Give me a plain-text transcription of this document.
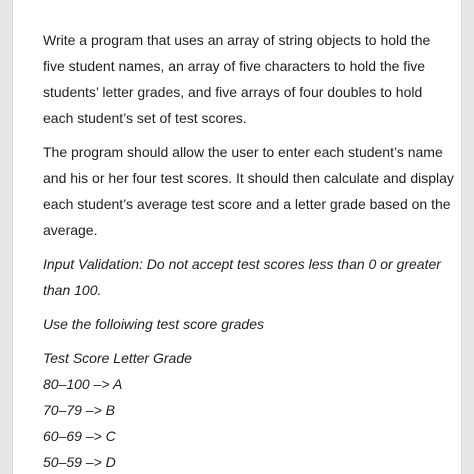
Write a program that uses an array of string objects to hold the five student names, an array of five characters to hold the five students’ letter grades, and five arrays of four doubles to hold each student’s set of test scores.

The program should allow the user to enter each student’s name and his or her four test scores. It should then calculate and display each student’s average test score and a letter grade based on the average.

Input Validation: Do not accept test scores less than 0 or greater than 100.

Use the folloiwing test score grades

Test Score Letter Grade

80–100 –> A

70–79 –> B

60–69 –> C

50–59 –> D
